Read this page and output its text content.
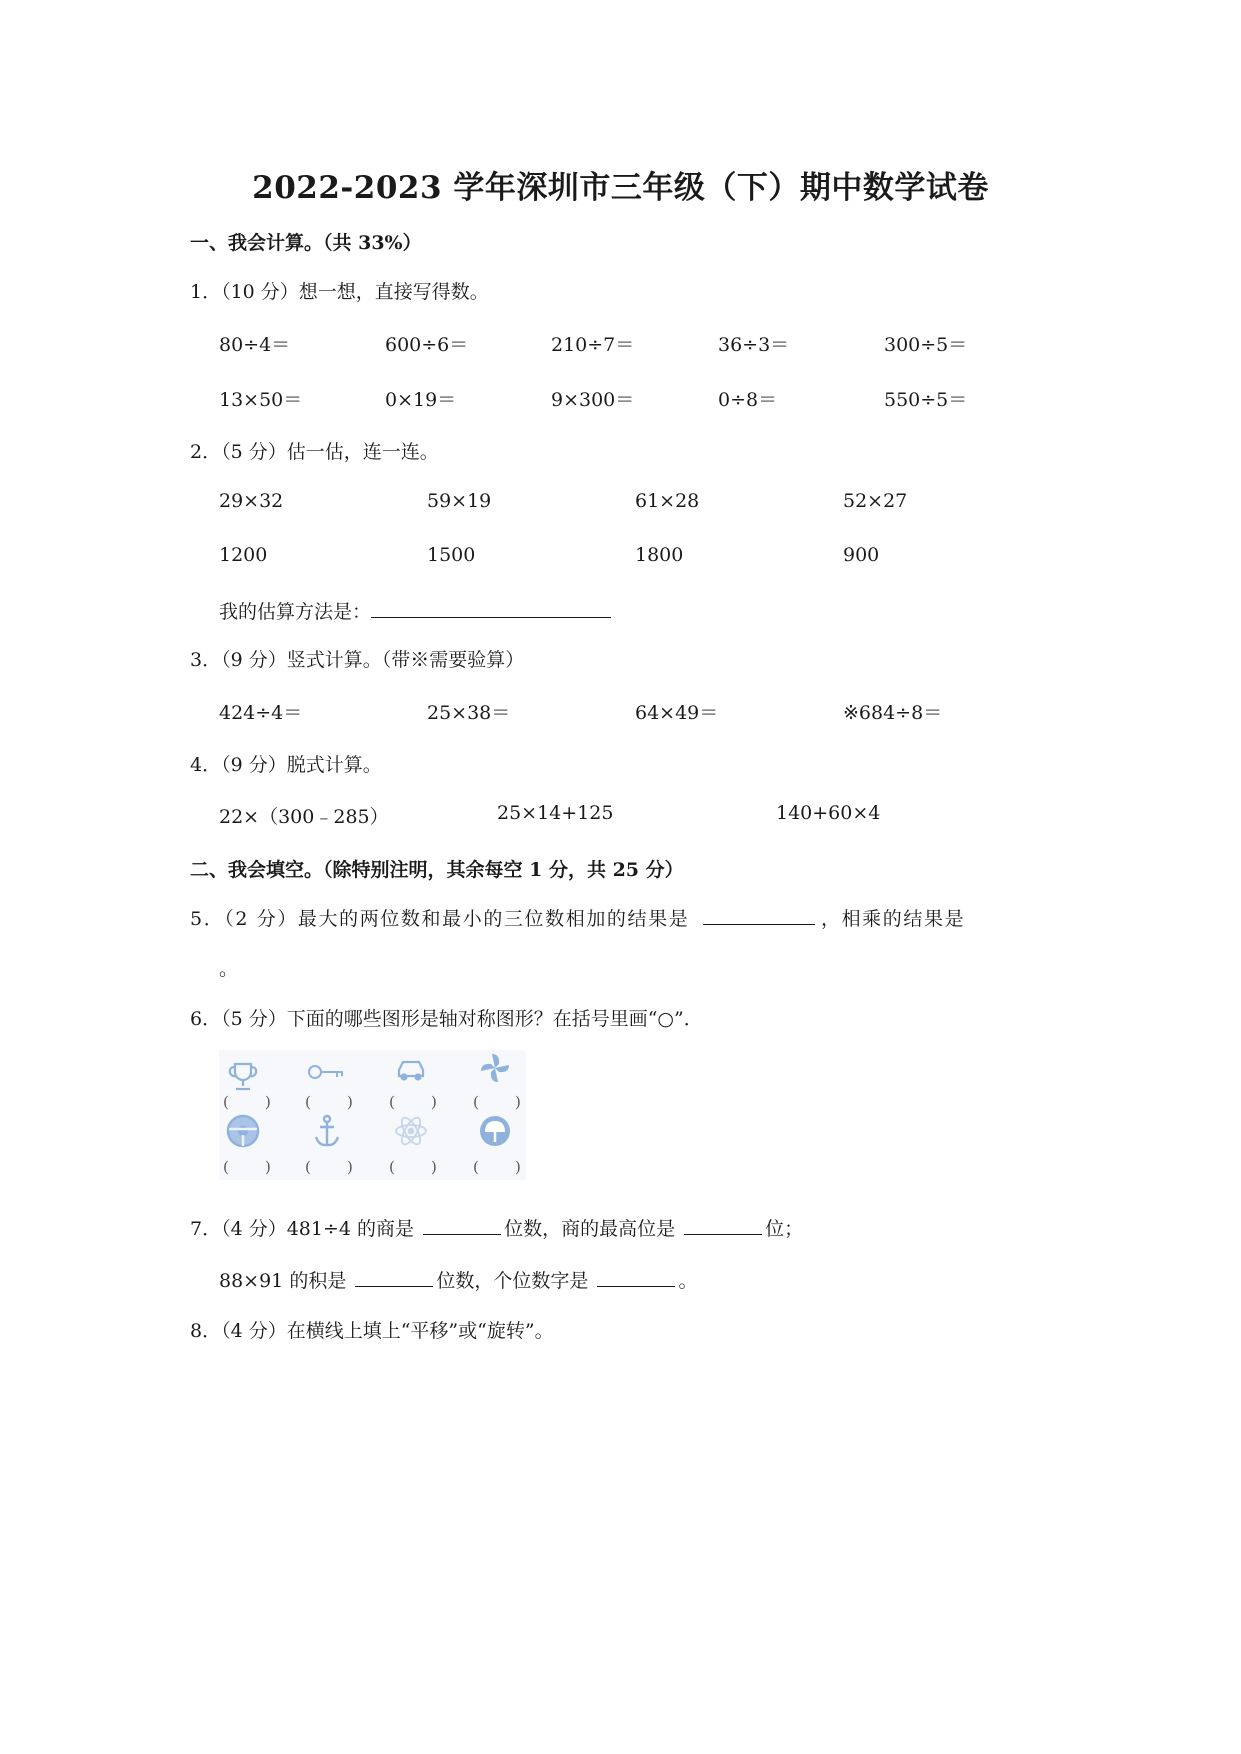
2022-2023 学年深圳市三年级（下）期中数学试卷
一、我会计算。（共 33%）
1．（10 分）想一想，直接写得数。
80÷4＝	600÷6＝	210÷7＝	36÷3＝	300÷5＝
13×50＝	0×19＝	9×300＝	0÷8＝	550÷5＝
2．（5 分）估一估，连一连。
29×32	59×19	61×28	52×27
1200	1500	1800	900
我的估算方法是：
3．（9 分）竖式计算。（带※需要验算）
424÷4＝	25×38＝	64×49＝	※684÷8＝
4．（9 分）脱式计算。
22×（300﹣285）	25×14+125	140+60×4
二、我会填空。（除特别注明，其余每空 1 分，共 25 分）
5．（2 分）最大的两位数和最小的三位数相加的结果是	，相乘的结果是
。
6．（5 分）下面的哪些图形是轴对称图形？在括号里画“○”．
( ) ( ) ( ) ( )
( ) ( ) ( ) ( )
7．（4 分）481÷4 的商是	位数，商的最高位是	位；
88×91 的积是	位数，个位数字是	。
8．（4 分）在横线上填上“平移”或“旋转”。
